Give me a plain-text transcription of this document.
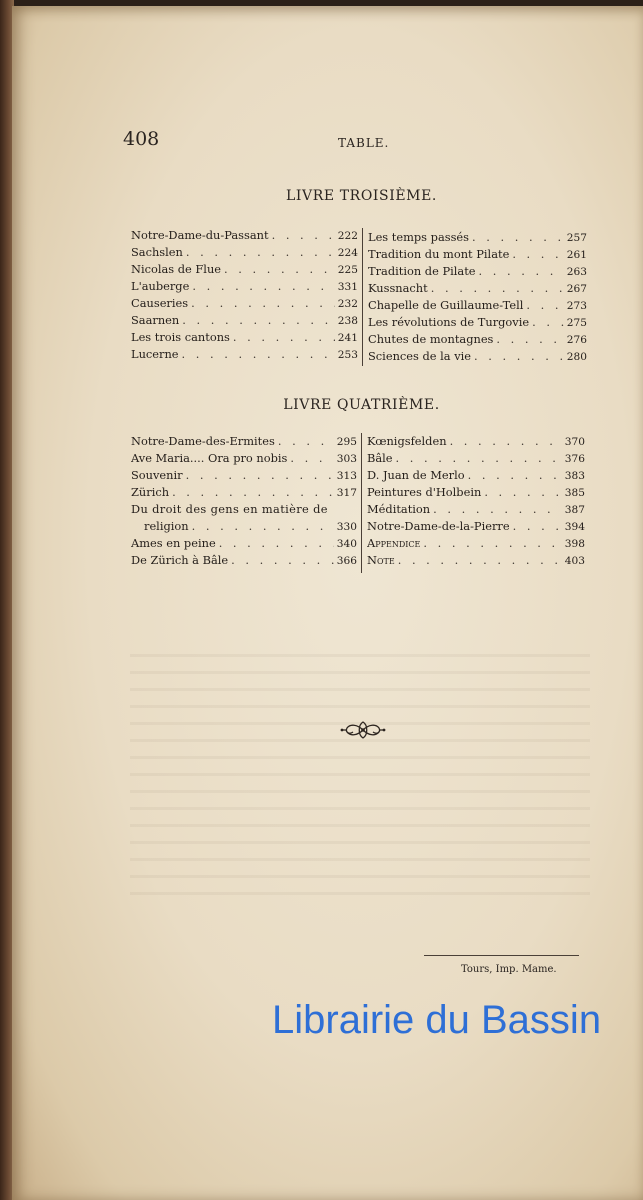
408	TABLE.
LIVRE TROISIÈME.
Notre-Dame-du-Passant . . .	222
Sachslen . . .	224
Nicolas de Flue . . .	225
L'auberge . . .	331
Causeries . . .	232
Saarnen . . .	238
Les trois cantons . . .	241
Lucerne . . .	253
Les temps passés . . .	257
Tradition du mont Pilate . . .	261
Tradition de Pilate . . .	263
Kussnacht . . .	267
Chapelle de Guillaume-Tell . . .	273
Les révolutions de Turgovie . . .	275
Chutes de montagnes . . .	276
Sciences de la vie . . .	280
LIVRE QUATRIÈME.
Notre-Dame-des-Ermites . . .	295
Ave Maria.... Ora pro nobis . . .	303
Souvenir . . .	313
Zürich . . .	317
Du droit des gens en matière de
religion . . .	330
Ames en peine . . .	340
De Zürich à Bâle . . .	366
Kœnigsfelden . . .	370
Bâle . . .	376
D. Juan de Merlo . . .	383
Peintures d'Holbein . . .	385
Méditation . . .	387
Notre-Dame-de-la-Pierre . . .	394
Appendice . . .	398
Note . . .	403
Tours, Imp. Mame.
Librairie du Bassin
